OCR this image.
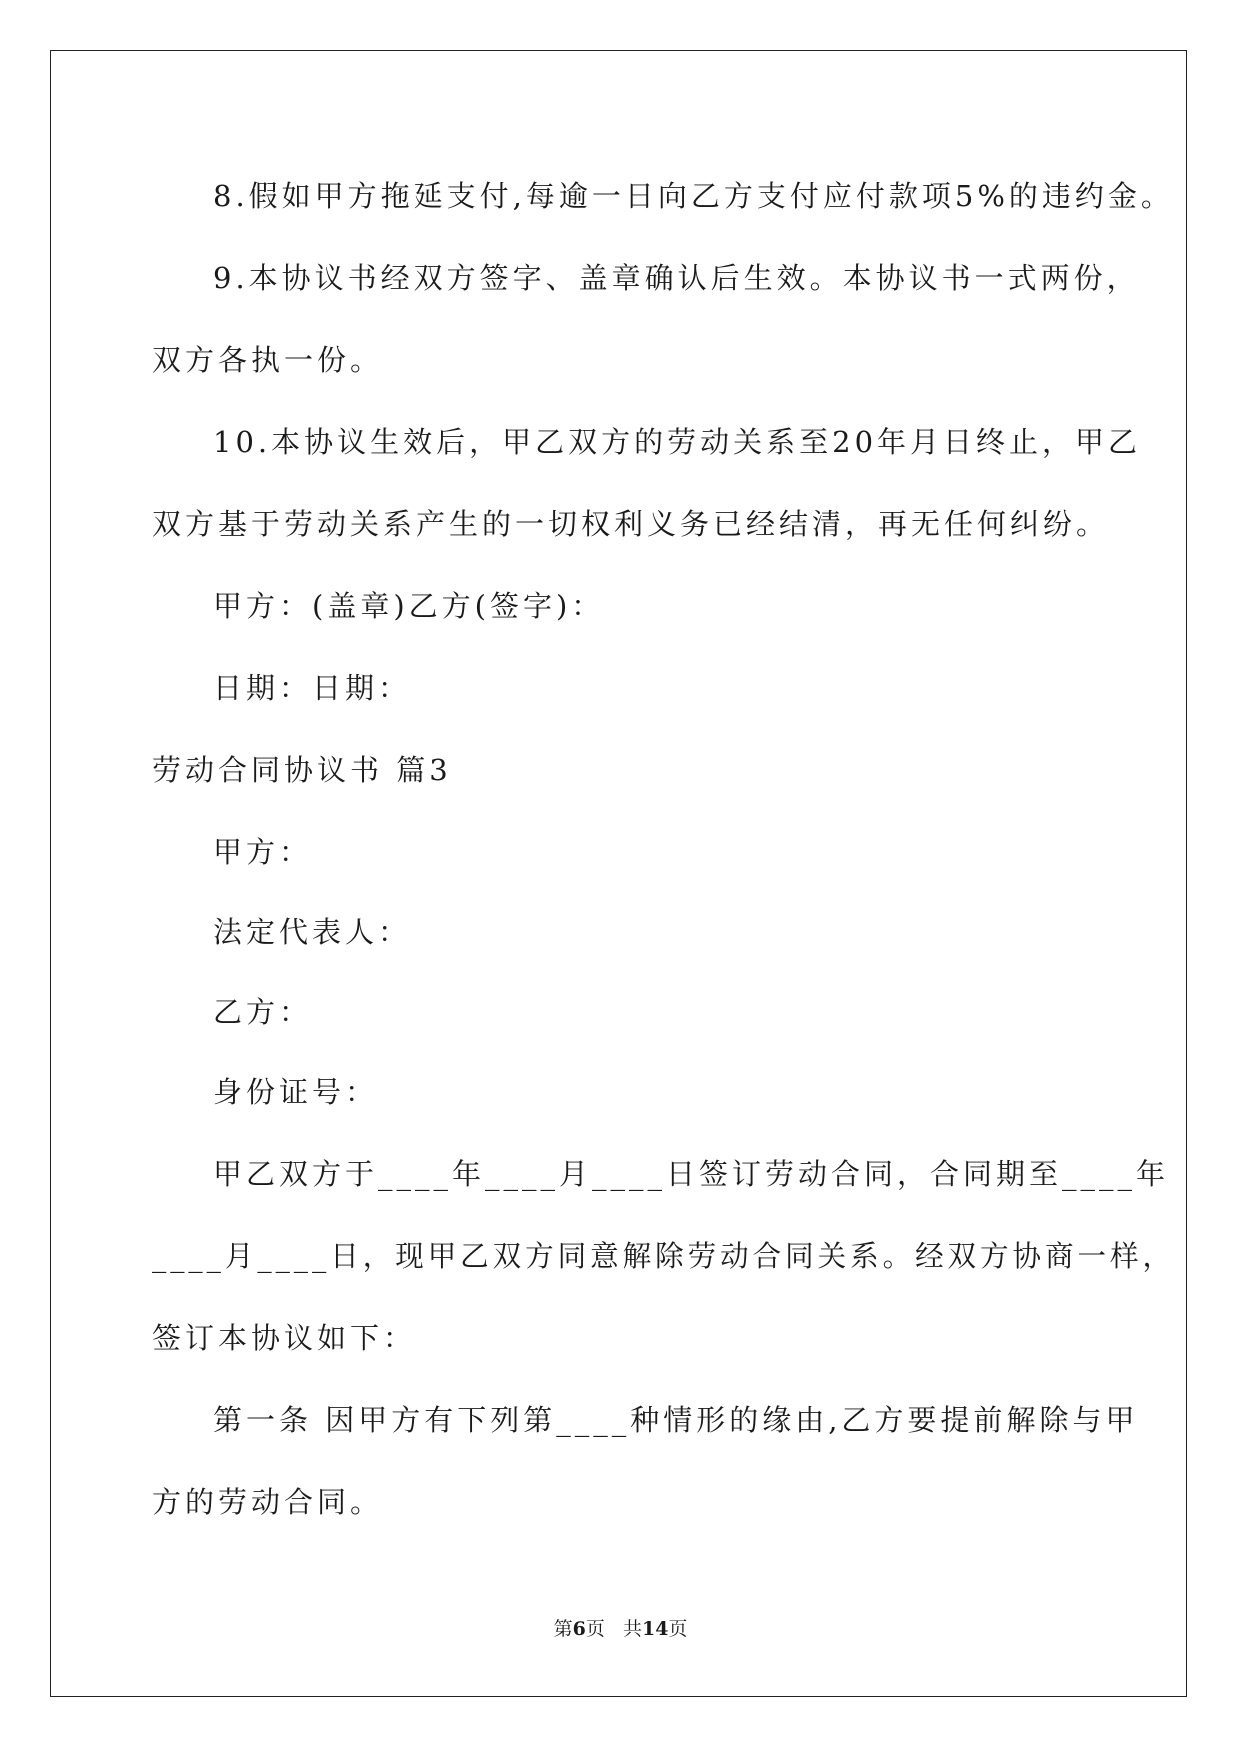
8.假如甲方拖延支付,每逾一日向乙方支付应付款项5%的违约金。
9.本协议书经双方签字、盖章确认后生效。本协议书一式两份，
双方各执一份。
10.本协议生效后，甲乙双方的劳动关系至20年月日终止，甲乙
双方基于劳动关系产生的一切权利义务已经结清，再无任何纠纷。
甲方：(盖章)乙方(签字)：
日期：日期：
劳动合同协议书 篇3
甲方：
法定代表人：
乙方：
身份证号：
甲乙双方于____年____月____日签订劳动合同，合同期至____年
____月____日，现甲乙双方同意解除劳动合同关系。经双方协商一样，
签订本协议如下：
第一条 因甲方有下列第____种情形的缘由,乙方要提前解除与甲
方的劳动合同。
第6页 共14页
